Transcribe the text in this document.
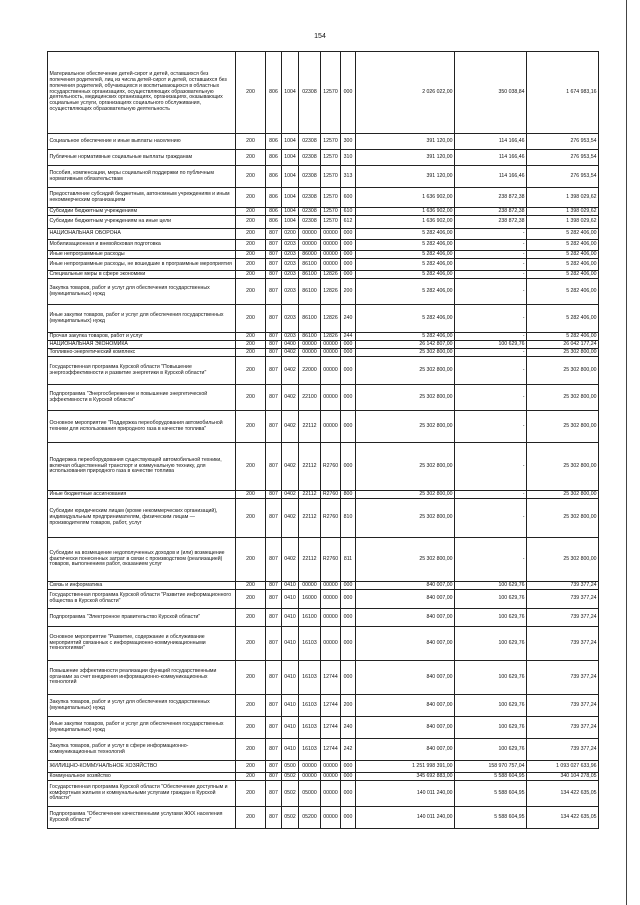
154
Материальное обеспечение детей-сирот и детей, оставшихся без попечения родителей, лиц из числа детей-сирот и детей, оставшихся без попечения родителей, обучающихся и воспитывающихся в областных государственных организациях, осуществляющих образовательную деятельность, медицинских организациях, организациях, оказывающих социальные услуги, организациях социального обслуживания, осуществляющих образовательную деятельность	200	806	1004	02308	12570	000	2 026 022,00	350 038,84	1 674 983,16
Социальное обеспечение и иные выплаты населению	200	806	1004	02308	12570	300	391 120,00	114 166,46	276 953,54
Публичные нормативные социальные выплаты гражданам	200	806	1004	02308	12570	310	391 120,00	114 166,46	276 953,54
Пособия, компенсации, меры социальной поддержки по публичным нормативным обязательствам	200	806	1004	02308	12570	313	391 120,00	114 166,46	276 953,54
Предоставление субсидий бюджетным, автономным учреждениям и иным некоммерческим организациям	200	806	1004	02308	12570	600	1 636 902,00	238 872,38	1 398 029,62
Субсидии бюджетным учреждениям	200	806	1004	02308	12570	610	1 636 902,00	238 872,38	1 398 029,62
Субсидии бюджетным учреждениям на иные цели	200	806	1004	02308	12570	612	1 636 902,00	238 872,38	1 398 029,62
НАЦИОНАЛЬНАЯ ОБОРОНА	200	807	0200	00000	00000	000	5 282 406,00	-	5 282 406,00
Мобилизационная и вневойсковая подготовка	200	807	0203	00000	00000	000	5 282 406,00	-	5 282 406,00
Иные непрограммные расходы	200	807	0203	86000	00000	000	5 282 406,00	-	5 282 406,00
Иные непрограммные расходы, не вошедшие в программные мероприятия	200	807	0203	86100	00000	000	5 282 406,00	-	5 282 406,00
Специальные меры в сфере экономики	200	807	0203	86100	12826	000	5 282 406,00	-	5 282 406,00
Закупка товаров, работ и услуг для обеспечения государственных (муниципальных) нужд	200	807	0203	86100	12826	200	5 282 406,00	-	5 282 406,00
Иные закупки товаров, работ и услуг для обеспечения государственных (муниципальных) нужд	200	807	0203	86100	12826	240	5 282 406,00	-	5 282 406,00
Прочая закупка товаров, работ и услуг	200	807	0203	86100	12826	244	5 282 406,00	-	5 282 406,00
НАЦИОНАЛЬНАЯ ЭКОНОМИКА	200	807	0400	00000	00000	000	26 142 807,00	100 629,76	26 042 177,24
Топливно-энергетический комплекс	200	807	0402	00000	00000	000	25 302 800,00	-	25 302 800,00
Государственная программа Курской области "Повышение энергоэффективности и развитие энергетики в Курской области"	200	807	0402	22000	00000	000	25 302 800,00	-	25 302 800,00
Подпрограмма "Энергосбережение и повышение энергетической эффективности в Курской области"	200	807	0402	22100	00000	000	25 302 800,00	-	25 302 800,00
Основное мероприятие "Поддержка переоборудования автомобильной техники для использования природного газа в качестве топлива"	200	807	0402	22112	00000	000	25 302 800,00	-	25 302 800,00
Поддержка переоборудования существующей автомобильной техники, включая общественный транспорт и коммунальную технику, для использования природного газа в качестве топлива	200	807	0402	22112	R2760	000	25 302 800,00	-	25 302 800,00
Иные бюджетные ассигнования	200	807	0402	22112	R2760	800	25 302 800,00	-	25 302 800,00
Субсидии юридическим лицам (кроме некоммерческих организаций), индивидуальным предпринимателям, физическим лицам — производителям товаров, работ, услуг	200	807	0402	22112	R2760	810	25 302 800,00	-	25 302 800,00
Субсидии на возмещение недополученных доходов и (или) возмещение фактически понесенных затрат в связи с производством (реализацией) товаров, выполнением работ, оказанием услуг	200	807	0402	22112	R2760	811	25 302 800,00	-	25 302 800,00
Связь и информатика	200	807	0410	00000	00000	000	840 007,00	100 629,76	739 377,24
Государственная программа Курской области "Развитие информационного общества в Курской области"	200	807	0410	16000	00000	000	840 007,00	100 629,76	739 377,24
Подпрограмма "Электронное правительство Курской области"	200	807	0410	16100	00000	000	840 007,00	100 629,76	739 377,24
Основное мероприятие "Развитие, содержание и обслуживание мероприятий связанных с информационно-коммуникационными технологиями"	200	807	0410	16103	00000	000	840 007,00	100 629,76	739 377,24
Повышение эффективности реализации функций государственными органами за счет внедрения информационно-коммуникационных технологий	200	807	0410	16103	12744	000	840 007,00	100 629,76	739 377,24
Закупка товаров, работ и услуг для обеспечения государственных (муниципальных) нужд	200	807	0410	16103	12744	200	840 007,00	100 629,76	739 377,24
Иные закупки товаров, работ и услуг для обеспечения государственных (муниципальных) нужд	200	807	0410	16103	12744	240	840 007,00	100 629,76	739 377,24
Закупка товаров, работ и услуг в сфере информационно-коммуникационных технологий	200	807	0410	16103	12744	242	840 007,00	100 629,76	739 377,24
ЖИЛИЩНО-КОММУНАЛЬНОЕ ХОЗЯЙСТВО	200	807	0500	00000	00000	000	1 251 998 391,00	158 970 757,04	1 093 027 633,96
Коммунальное хозяйство	200	807	0502	00000	00000	000	345 692 883,00	5 588 604,95	340 104 278,05
Государственная программа Курской области "Обеспечение доступным и комфортным жильем и коммунальными услугами граждан в Курской области"	200	807	0502	05000	00000	000	140 011 240,00	5 588 604,95	134 422 635,05
Подпрограмма "Обеспечение качественными услугами ЖКХ населения Курской области"	200	807	0502	05200	00000	000	140 011 240,00	5 588 604,95	134 422 635,05
